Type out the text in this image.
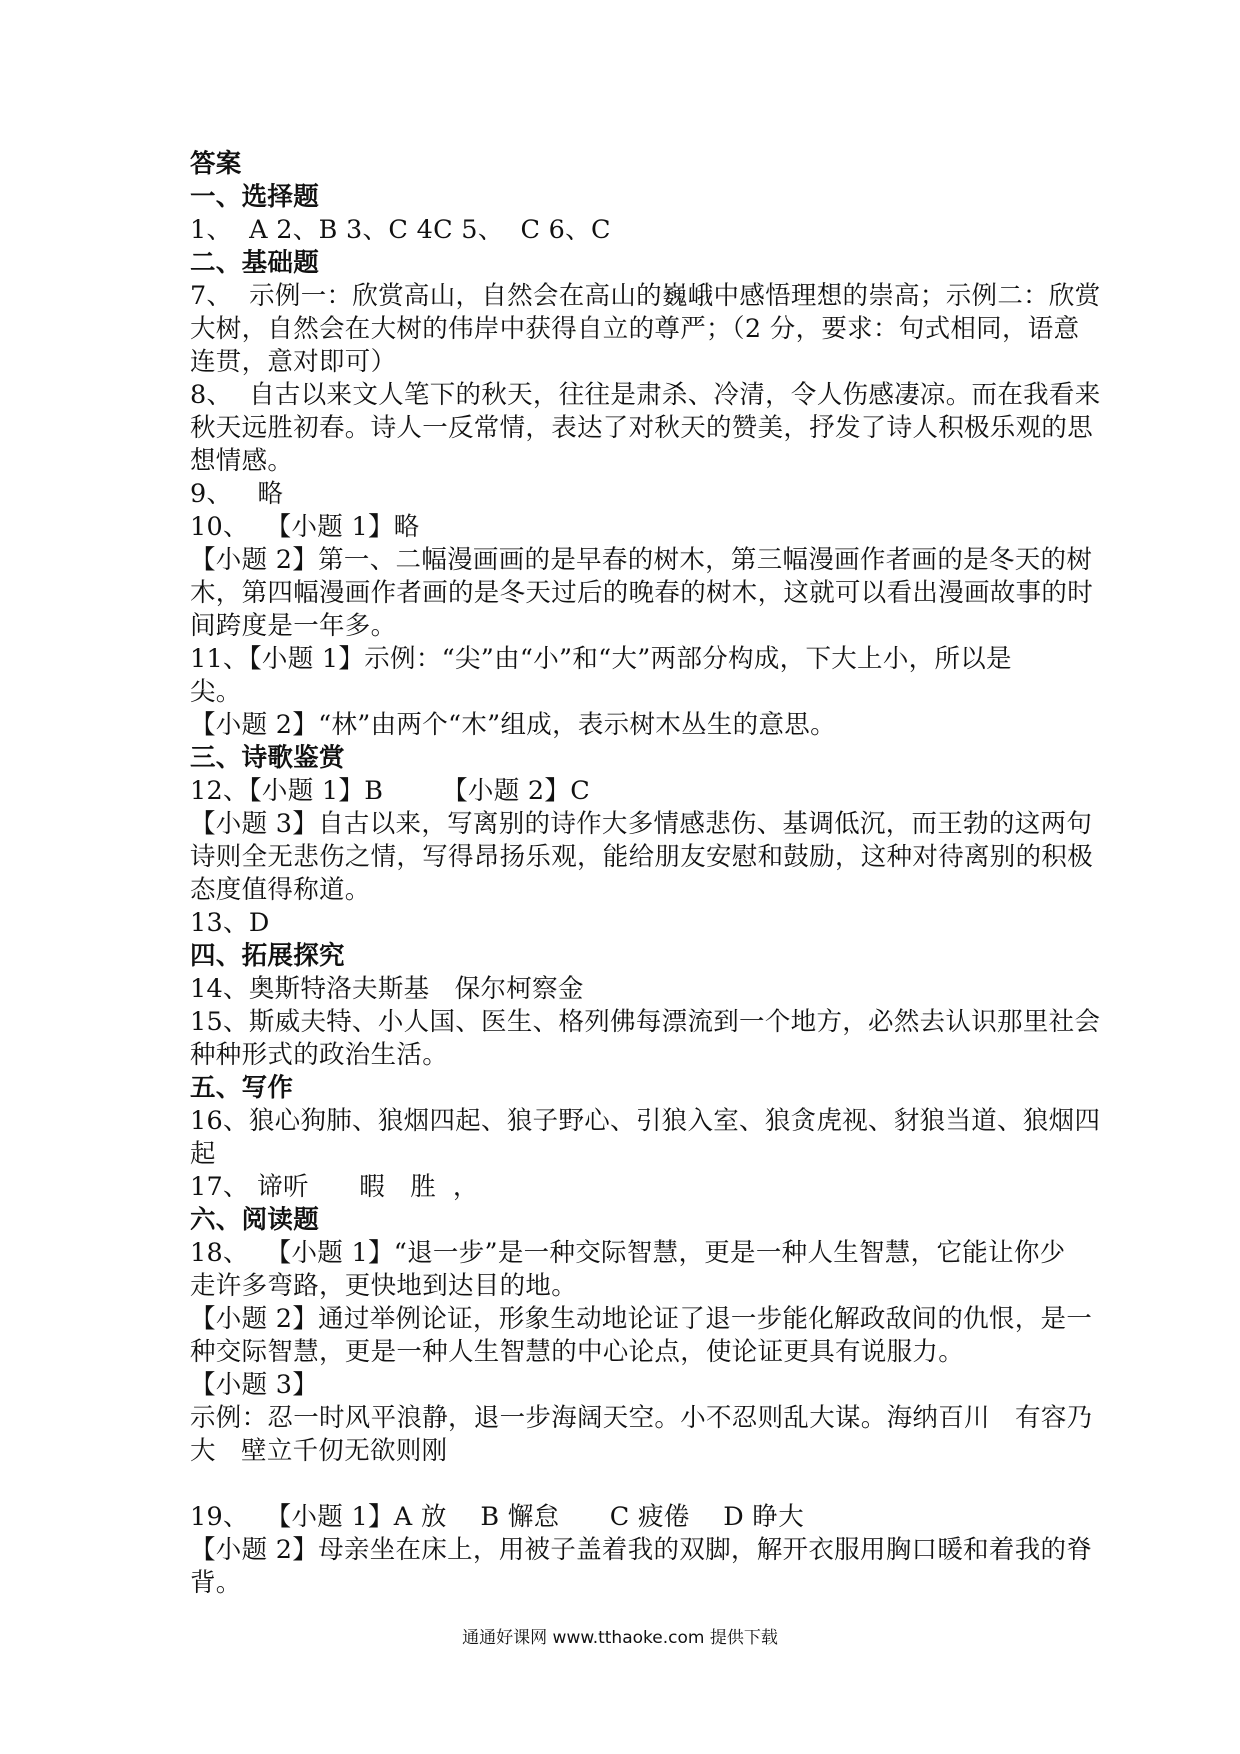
答案
一、选择题
1、  A 2、B 3、C 4C 5、  C 6、C
二、基础题
7、  示例一：欣赏高山，自然会在高山的巍峨中感悟理想的崇高；示例二：欣赏
大树，自然会在大树的伟岸中获得自立的尊严；（2 分，要求：句式相同，语意
连贯，意对即可）
8、  自古以来文人笔下的秋天，往往是肃杀、冷清，令人伤感凄凉。而在我看来
秋天远胜初春。诗人一反常情，表达了对秋天的赞美，抒发了诗人积极乐观的思
想情感。
9、   略
10、  【小题 1】略
【小题 2】第一、二幅漫画画的是早春的树木，第三幅漫画作者画的是冬天的树
木，第四幅漫画作者画的是冬天过后的晚春的树木，这就可以看出漫画故事的时
间跨度是一年多。
11、【小题 1】示例：“尖”由“小”和“大”两部分构成，下大上小，所以是
尖。
【小题 2】“林”由两个“木”组成，表示树木丛生的意思。
三、诗歌鉴赏
12、【小题 1】B       【小题 2】C
【小题 3】自古以来，写离别的诗作大多情感悲伤、基调低沉，而王勃的这两句
诗则全无悲伤之情，写得昂扬乐观，能给朋友安慰和鼓励，这种对待离别的积极
态度值得称道。
13、D
四、拓展探究
14、奥斯特洛夫斯基   保尔柯察金
15、斯威夫特、小人国、医生、格列佛每漂流到一个地方，必然去认识那里社会
种种形式的政治生活。
五、写作
16、狼心狗肺、狼烟四起、狼子野心、引狼入室、狼贪虎视、豺狼当道、狼烟四
起
17、 谛听      暇   胜  ，
六、阅读题
18、  【小题 1】“退一步”是一种交际智慧，更是一种人生智慧，它能让你少
走许多弯路，更快地到达目的地。
【小题 2】通过举例论证，形象生动地论证了退一步能化解政敌间的仇恨，是一
种交际智慧，更是一种人生智慧的中心论点，使论证更具有说服力。
【小题 3】
示例：忍一时风平浪静，退一步海阔天空。小不忍则乱大谋。海纳百川   有容乃
大   壁立千仞无欲则刚
19、  【小题 1】A 放    B 懈怠      C 疲倦    D 睁大
【小题 2】母亲坐在床上，用被子盖着我的双脚，解开衣服用胸口暖和着我的脊
背。
通通好课网 www.tthaoke.com 提供下载
